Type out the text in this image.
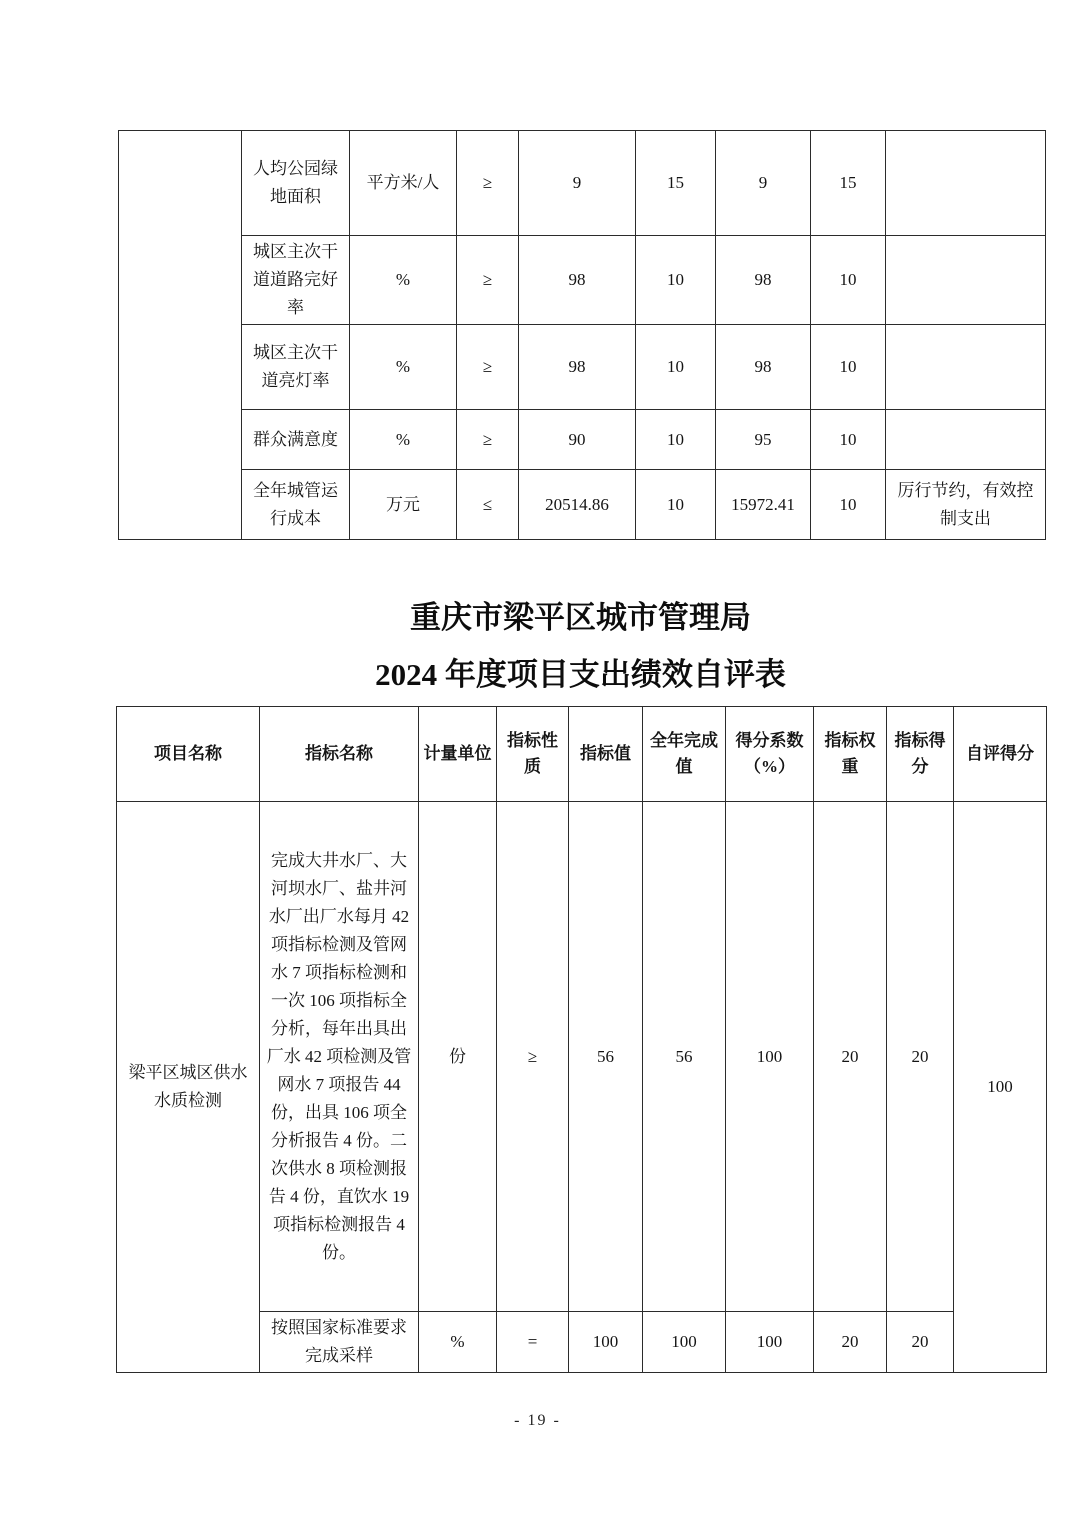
	人均公园绿地面积	平方米/人	≥	9	15	9	15	
	城区主次干道道路完好率	%	≥	98	10	98	10	
	城区主次干道亮灯率	%	≥	98	10	98	10	
	群众满意度	%	≥	90	10	95	10	
	全年城管运行成本	万元	≤	20514.86	10	15972.41	10	厉行节约，有效控制支出
重庆市梁平区城市管理局
2024 年度项目支出绩效自评表
项目名称	指标名称	计量单位	指标性质	指标值	全年完成值	得分系数（%）	指标权重	指标得分	自评得分
梁平区城区供水水质检测	完成大井水厂、大河坝水厂、盐井河水厂出厂水每月 42 项指标检测及管网水 7 项指标检测和一次 106 项指标全分析，每年出具出厂水 42 项检测及管网水 7 项报告 44 份，出具 106 项全分析报告 4 份。二次供水 8 项检测报告 4 份，直饮水 19 项指标检测报告 4 份。	份	≥	56	56	100	20	20	100
	按照国家标准要求完成采样	%	=	100	100	100	20	20	
- 19 -
